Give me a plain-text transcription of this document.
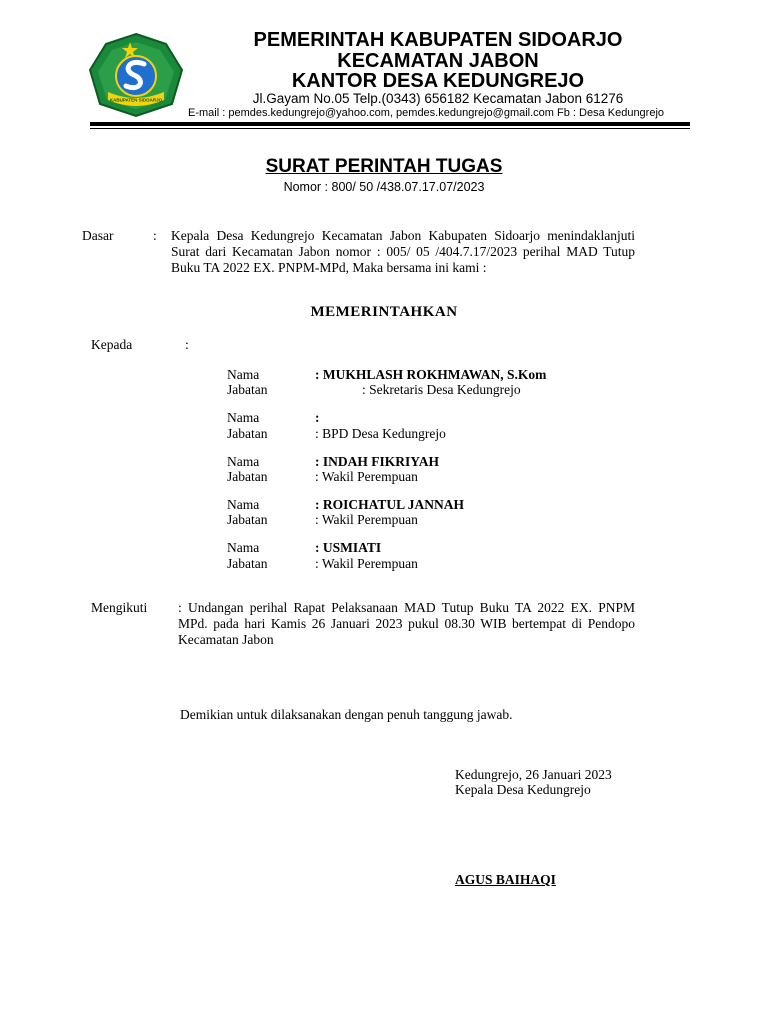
KABUPATEN SIDOARJO
PEMERINTAH KABUPATEN SIDOARJO
KECAMATAN JABON
KANTOR DESA KEDUNGREJO
Jl.Gayam No.05 Telp.(0343) 656182 Kecamatan Jabon 61276
E-mail : pemdes.kedungrejo@yahoo.com, pemdes.kedungrejo@gmail.com Fb : Desa Kedungrejo
SURAT PERINTAH TUGAS
Nomor : 800/ 50 /438.07.17.07/2023
Dasar	: Kepala Desa Kedungrejo Kecamatan Jabon Kabupaten Sidoarjo menindaklanjuti Surat dari Kecamatan Jabon nomor : 005/ 05 /404.7.17/2023 perihal MAD Tutup Buku TA 2022 EX. PNPM-MPd, Maka bersama ini kami :
MEMERINTAHKAN
Kepada	:
Nama	: MUKHLASH ROKHMAWAN, S.Kom
Jabatan	: Sekretaris Desa Kedungrejo
Nama	:
Jabatan	: BPD Desa Kedungrejo
Nama	: INDAH FIKRIYAH
Jabatan	: Wakil Perempuan
Nama	: ROICHATUL JANNAH
Jabatan	: Wakil Perempuan
Nama	: USMIATI
Jabatan	: Wakil Perempuan
Mengikuti : Undangan perihal Rapat Pelaksanaan MAD Tutup Buku TA 2022 EX. PNPM MPd. pada hari Kamis 26 Januari 2023 pukul 08.30 WIB bertempat di Pendopo Kecamatan Jabon
Demikian untuk dilaksanakan dengan penuh tanggung jawab.
Kedungrejo, 26 Januari 2023
Kepala Desa Kedungrejo
AGUS BAIHAQI
